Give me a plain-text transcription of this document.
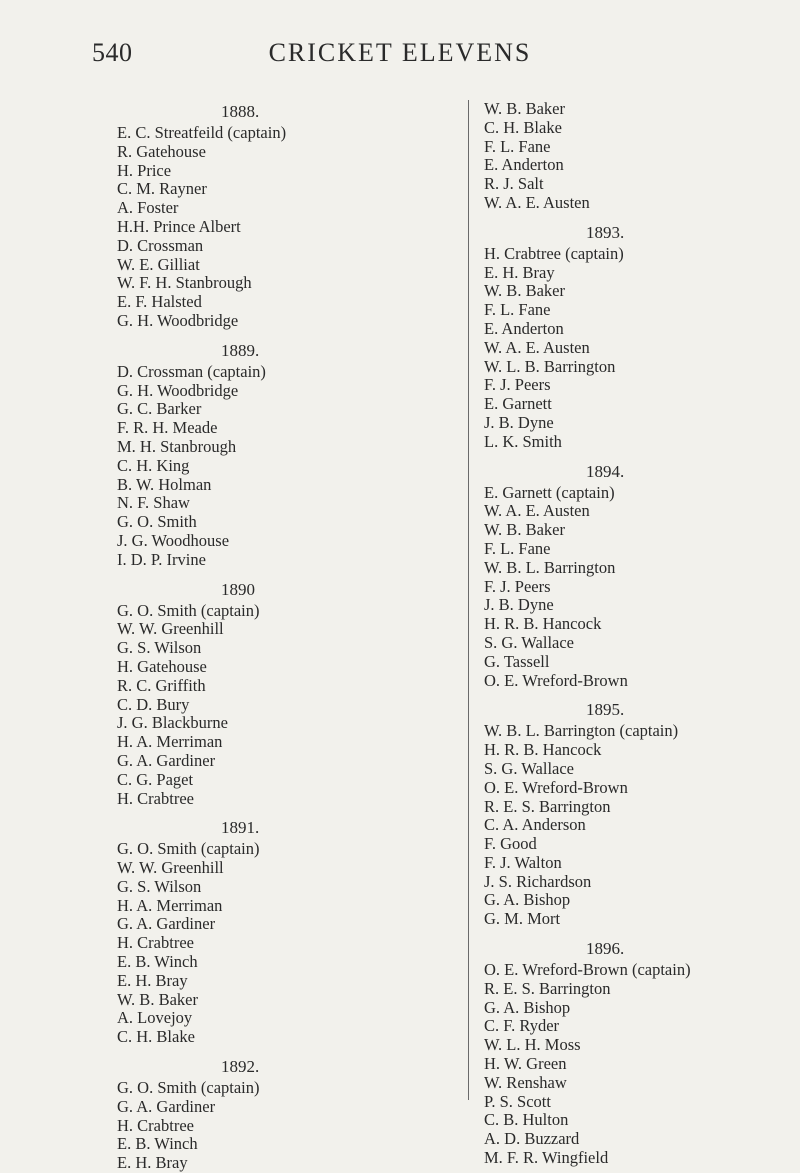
540	CRICKET ELEVENS

1888.

E. C. Streatfeild (captain)

R. Gatehouse

H. Price

C. M. Rayner

A. Foster

H.H. Prince Albert

D. Crossman

W. E. Gilliat

W. F. H. Stanbrough

E. F. Halsted

G. H. Woodbridge

1889.

D. Crossman (captain)

G. H. Woodbridge

G. C. Barker

F. R. H. Meade

M. H. Stanbrough

C. H. King

B. W. Holman

N. F. Shaw

G. O. Smith

J. G. Woodhouse

I. D. P. Irvine

1890

G. O. Smith (captain)

W. W. Greenhill

G. S. Wilson

H. Gatehouse

R. C. Griffith

C. D. Bury

J. G. Blackburne

H. A. Merriman

G. A. Gardiner

C. G. Paget

H. Crabtree

1891.

G. O. Smith (captain)

W. W. Greenhill

G. S. Wilson

H. A. Merriman

G. A. Gardiner

H. Crabtree

E. B. Winch

E. H. Bray

W. B. Baker

A. Lovejoy

C. H. Blake

1892.

G. O. Smith (captain)

G. A. Gardiner

H. Crabtree

E. B. Winch

E. H. Bray

W. B. Baker

C. H. Blake

F. L. Fane

E. Anderton

R. J. Salt

W. A. E. Austen

1893.

H. Crabtree (captain)

E. H. Bray

W. B. Baker

F. L. Fane

E. Anderton

W. A. E. Austen

W. L. B. Barrington

F. J. Peers

E. Garnett

J. B. Dyne

L. K. Smith

1894.

E. Garnett (captain)

W. A. E. Austen

W. B. Baker

F. L. Fane

W. B. L. Barrington

F. J. Peers

J. B. Dyne

H. R. B. Hancock

S. G. Wallace

G. Tassell

O. E. Wreford-Brown

1895.

W. B. L. Barrington (captain)

H. R. B. Hancock

S. G. Wallace

O. E. Wreford-Brown

R. E. S. Barrington

C. A. Anderson

F. Good

F. J. Walton

J. S. Richardson

G. A. Bishop

G. M. Mort

1896.

O. E. Wreford-Brown (captain)

R. E. S. Barrington

G. A. Bishop

C. F. Ryder

W. L. H. Moss

H. W. Green

W. Renshaw

P. S. Scott

C. B. Hulton

A. D. Buzzard

M. F. R. Wingfield
